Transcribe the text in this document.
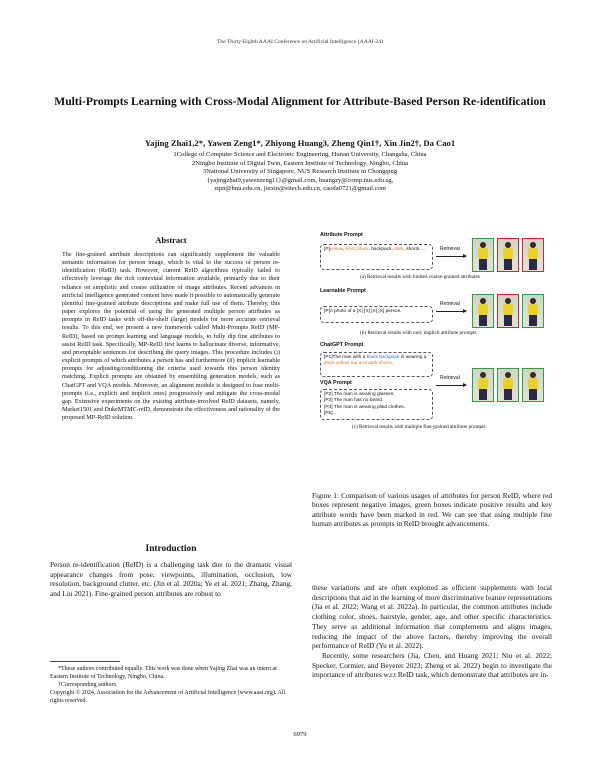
The Thirty-Eighth AAAI Conference on Artificial Intelligence (AAAI-24)
Multi-Prompts Learning with Cross-Modal Alignment for Attribute-Based Person Re-identification
Yajing Zhai1,2*, Yawen Zeng1*, Zhiyong Huang3, Zheng Qin1†, Xin Jin2†, Da Cao1
1College of Computer Science and Electronic Engineering, Hunan University, Changsha, China
2Ningbo Institute of Digital Twin, Eastern Institute of Technology, Ningbo, China
3National University of Singapore, NUS Research Institute in Chongqing
{yajingzhai9,yawenzeng11}@gmail.com, huangzy@comp.nus.edu.sg,
zqin@hnu.edu.cn, jinxin@eitech.edu.cn, caoda0721@gmail.com
Abstract
The fine-grained attribute descriptions can significantly supplement the valuable semantic information for person image, which is vital to the success of person re-identification (ReID) task. However, current ReID algorithms typically failed to effectively leverage the rich contextual information available, primarily due to their reliance on simplistic and coarse utilization of image attributes. Recent advances in artificial intelligence generated content have made it possible to automatically generate plentiful fine-grained attribute descriptions and make full use of them. Thereby, this paper explores the potential of using the generated multiple person attributes as prompts in ReID tasks with off-the-shelf (large) models for more accurate retrieval results. To this end, we present a new framework called Multi-Prompts ReID (MP-ReID), based on prompt learning and language models, to fully dip fine attributes to assist ReID task. Specifically, MP-ReID first learns to hallucinate diverse, informative, and promptable sentences for describing the query images. This procedure includes (i) explicit prompts of which attributes a person has and furthermore (ii) implicit learnable prompts for adjusting/conditioning the criteria used towards this person identity matching. Explicit prompts are obtained by ensembling generation models, such as ChatGPT and VQA models. Moreover, an alignment module is designed to fuse multi-prompts (i.e., explicit and implicit ones) progressively and mitigate the cross-modal gap. Extensive experiments on the existing attribute-involved ReID datasets, namely, Market1501 and DukeMTMC-reID, demonstrate the effectiveness and rationality of the proposed MP-ReID solution.
Introduction
Person re-identification (ReID) is a challenging task due to the dramatic visual appearance changes from pose, viewpoints, illumination, occlusion, low resolution, background clutter, etc. (Jin et al. 2020a; Ye et al. 2021; Zhang, Zhang, and Liu 2021). Fine-grained person attributes are robust to

*These authors contributed equally. This work was done when Yajing Zhai was an intern at Eastern Institute of Technology, Ningbo, China.

†Corresponding authors.

Copyright © 2024, Association for the Advancement of Artificial Intelligence (www.aaai.org). All rights reserved.

Attribute Prompt
[P]yellow, shirt, black, backpack, dark, shorts, ...	Retrieval
(a) Retrieval results with limited coarse-grained attributes
Learnable Prompt
[P]A photo of a [X] [X] [X] [X] person.
Retrieval
(b) Retrieval results with only implicit attribute prompts
ChatGPT Prompt
[P1]The man with a black backpack is wearing a short yellow top and dark shorts.
VQA Prompt
[P2] The man is wearing glasses.
[P3] The man has no beard.
[P4] The man is wearing plaid clothes.
[P5]...
Retrieval
(c) Retrieval results with multiple fine-grained attribute prompts
Figure 1: Comparison of various usages of attributes for person ReID, where red boxes represent negative images, green boxes indicate positive results and key attribute words have been marked in red. We can see that using multiple fine human attributes as prompts in ReID brought advancements.

these variations and are often exploited as efficient supplements with local descriptions that aid in the learning of more discriminative feature representations (Jia et al. 2022; Wang et al. 2022a). In particular, the common attributes include clothing color, shoes, hairstyle, gender, age, and other specific characteristics. They serve as additional information that complements and aligns images, reducing the impact of the above factors, thereby improving the overall performance of ReID (Yu et al. 2022).

Recently, some researchers (Jia, Chen, and Huang 2021; Niu et al. 2022; Specker, Cormier, and Beyerer 2023; Zheng et al. 2022) begin to investigate the importance of attributes w.r.t ReID task, which demonstrate that attributes are in-

6979
